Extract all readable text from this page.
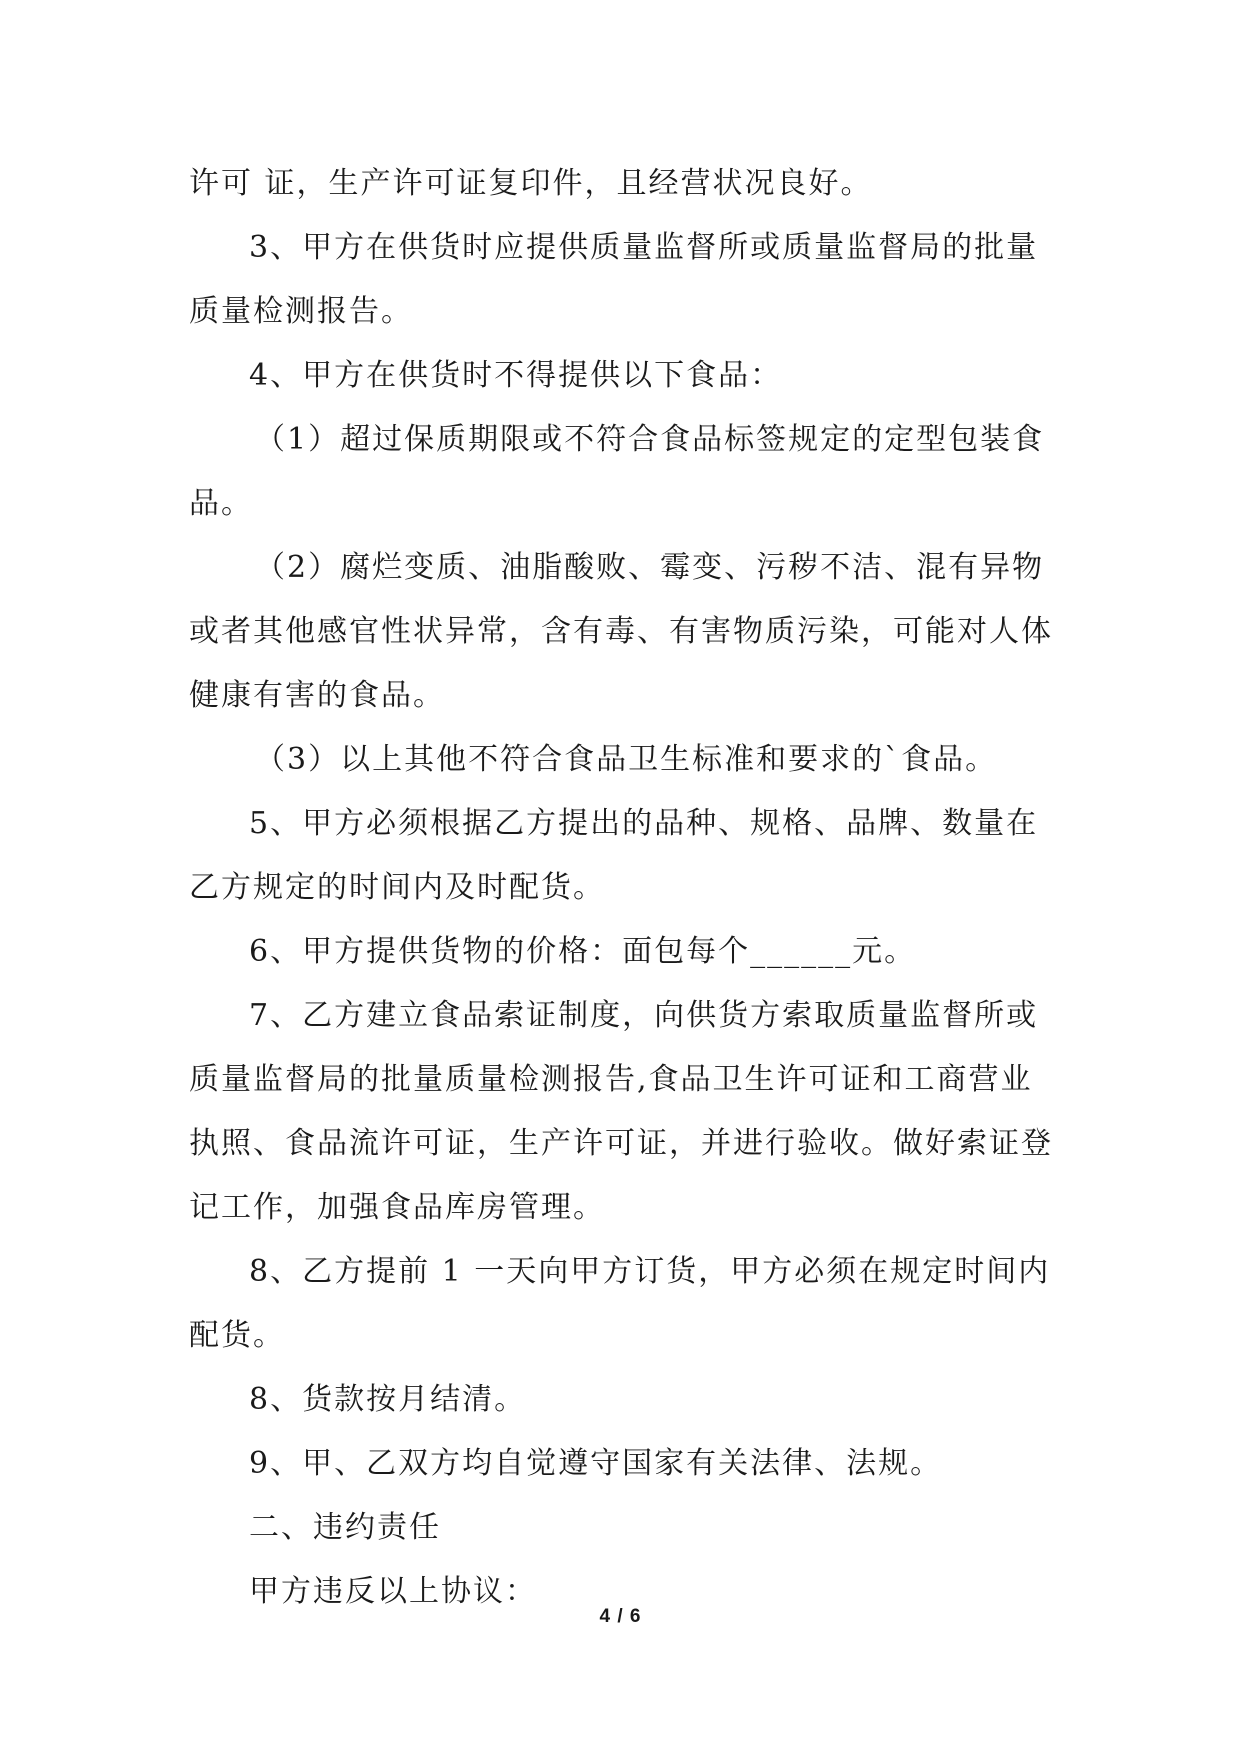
许可 证，生产许可证复印件，且经营状况良好。

3、甲方在供货时应提供质量监督所或质量监督局的批量质量检测报告。

4、甲方在供货时不得提供以下食品：

（1）超过保质期限或不符合食品标签规定的定型包装食品。

（2）腐烂变质、油脂酸败、霉变、污秽不洁、混有异物或者其他感官性状异常，含有毒、有害物质污染，可能对人体健康有害的食品。

（3）以上其他不符合食品卫生标准和要求的`食品。

5、甲方必须根据乙方提出的品种、规格、品牌、数量在乙方规定的时间内及时配货。

6、甲方提供货物的价格：面包每个______元。

7、乙方建立食品索证制度，向供货方索取质量监督所或质量监督局的批量质量检测报告,食品卫生许可证和工商营业执照、食品流许可证，生产许可证，并进行验收。做好索证登记工作，加强食品库房管理。

8、乙方提前 1 一天向甲方订货，甲方必须在规定时间内配货。

8、货款按月结清。

9、甲、乙双方均自觉遵守国家有关法律、法规。

二、违约责任

甲方违反以上协议：

4 / 6
